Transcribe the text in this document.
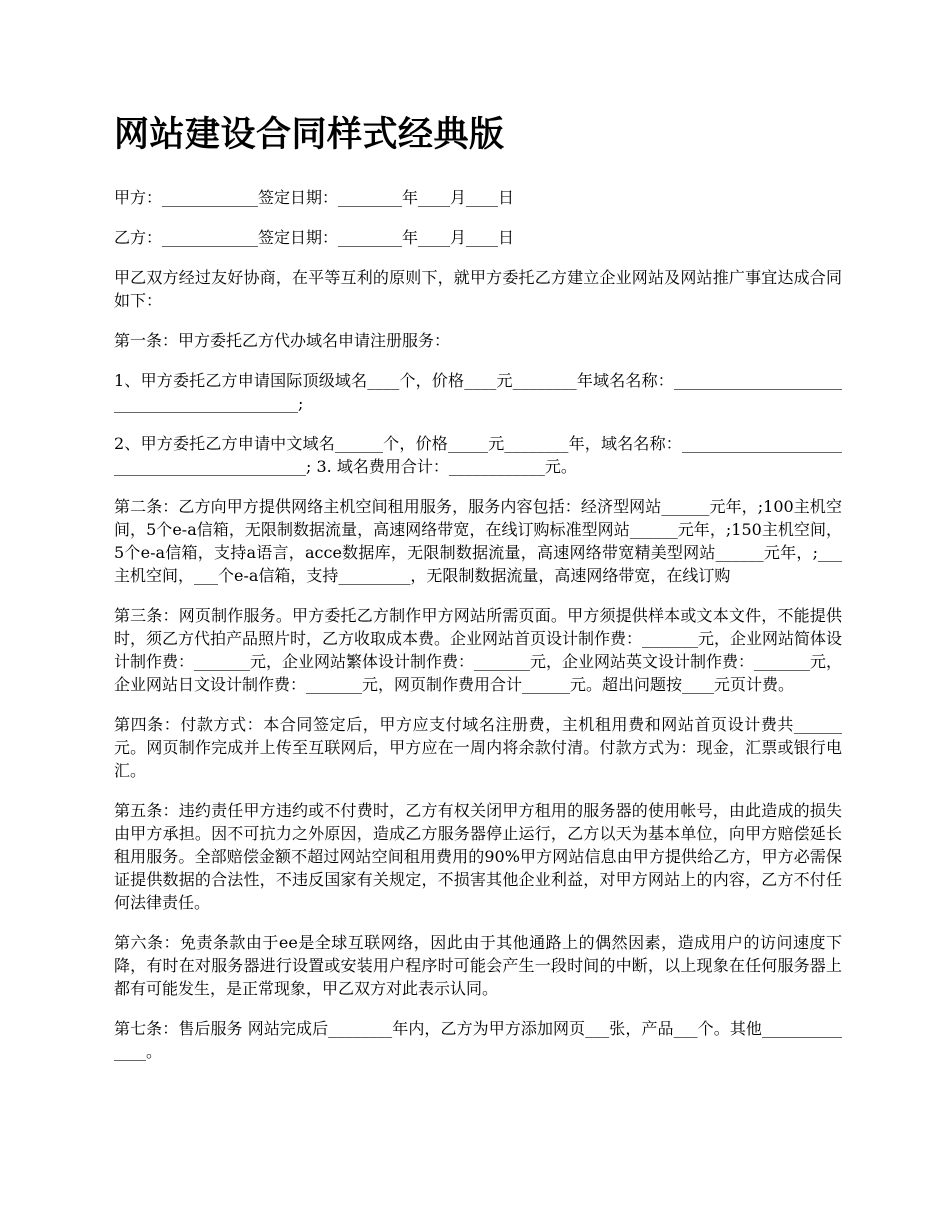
网站建设合同样式经典版

甲方：____________签定日期：________年____月____日

乙方：____________签定日期：________年____月____日

甲乙双方经过友好协商，在平等互利的原则下，就甲方委托乙方建立企业网站及网站推广事宜达成合同如下：

第一条：甲方委托乙方代办域名申请注册服务：

1、甲方委托乙方申请国际顶级域名____个，价格____元________年域名名称：____________________________________________;

2、甲方委托乙方申请中文域名______个，价格_____元________年，域名名称：____________________________________________; 3. 域名费用合计：____________元。

第二条：乙方向甲方提供网络主机空间租用服务，服务内容包括：经济型网站______元年，;100主机空间，5个e-a信箱，无限制数据流量，高速网络带宽，在线订购标准型网站______元年，;150主机空间，5个e-a信箱，支持a语言，acce数据库，无限制数据流量，高速网络带宽精美型网站______元年，;___主机空间，___个e-a信箱，支持_________，无限制数据流量，高速网络带宽，在线订购

第三条：网页制作服务。甲方委托乙方制作甲方网站所需页面。甲方须提供样本或文本文件，不能提供时，须乙方代拍产品照片时，乙方收取成本费。企业网站首页设计制作费：_______元，企业网站简体设计制作费：_______元，企业网站繁体设计制作费：_______元，企业网站英文设计制作费：_______元，企业网站日文设计制作费：_______元，网页制作费用合计______元。超出问题按____元页计费。

第四条：付款方式：本合同签定后，甲方应支付域名注册费，主机租用费和网站首页设计费共______元。网页制作完成并上传至互联网后，甲方应在一周内将余款付清。付款方式为：现金，汇票或银行电汇。

第五条：违约责任甲方违约或不付费时，乙方有权关闭甲方租用的服务器的使用帐号，由此造成的损失由甲方承担。因不可抗力之外原因，造成乙方服务器停止运行，乙方以天为基本单位，向甲方赔偿延长租用服务。全部赔偿金额不超过网站空间租用费用的90%甲方网站信息由甲方提供给乙方，甲方必需保证提供数据的合法性，不违反国家有关规定，不损害其他企业利益，对甲方网站上的内容，乙方不付任何法律责任。

第六条：免责条款由于ee是全球互联网络，因此由于其他通路上的偶然因素，造成用户的访问速度下降，有时在对服务器进行设置或安装用户程序时可能会产生一段时间的中断，以上现象在任何服务器上都有可能发生，是正常现象，甲乙双方对此表示认同。

第七条：售后服务 网站完成后________年内，乙方为甲方添加网页___张，产品___个。其他______________。
